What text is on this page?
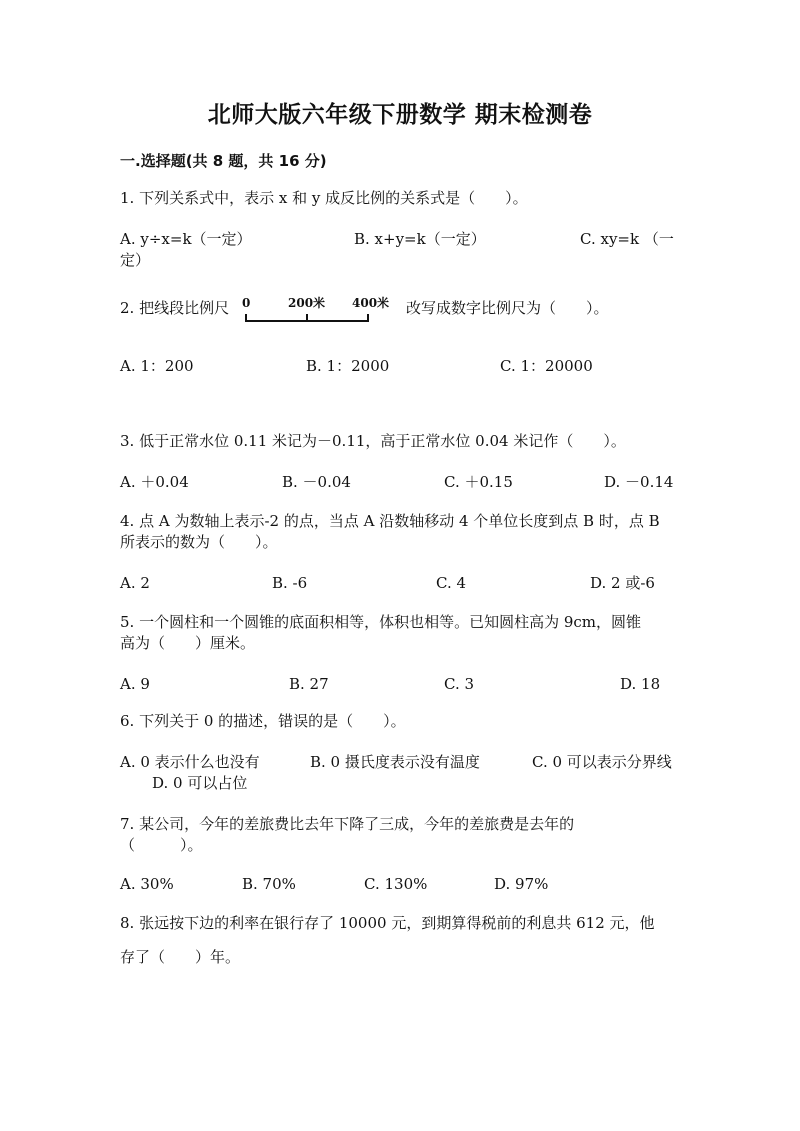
北师大版六年级下册数学 期末检测卷
一.选择题(共 8 题，共 16 分)
1. 下列关系式中，表示 x 和 y 成反比例的关系式是（　　）。
A. y÷x=k（一定）	B. x+y=k（一定）	C. xy=k （一
定）
2. 把线段比例尺 0	200米 400米 改写成数字比例尺为（　　）。
A. 1：200	B. 1：2000	C. 1：20000
3. 低于正常水位 0.11 米记为－0.11，高于正常水位 0.04 米记作（　　）。
A. ＋0.04	B. －0.04	C. ＋0.15	D. －0.14
4. 点 A 为数轴上表示-2 的点，当点 A 沿数轴移动 4 个单位长度到点 B 时，点 B
所表示的数为（　　）。
A. 2	B. -6	C. 4	D. 2 或-6
5. 一个圆柱和一个圆锥的底面积相等，体积也相等。已知圆柱高为 9cm，圆锥
高为（　　）厘米。
A. 9	B. 27	C. 3	D. 18
6. 下列关于 0 的描述，错误的是（　　）。
A. 0 表示什么也没有	B. 0 摄氏度表示没有温度	C. 0 可以表示分界线
D. 0 可以占位
7. 某公司，今年的差旅费比去年下降了三成，今年的差旅费是去年的
（　　　）。
A. 30%	B. 70%	C. 130%	D. 97%
8. 张远按下边的利率在银行存了 10000 元，到期算得税前的利息共 612 元，他
存了（　　）年。
